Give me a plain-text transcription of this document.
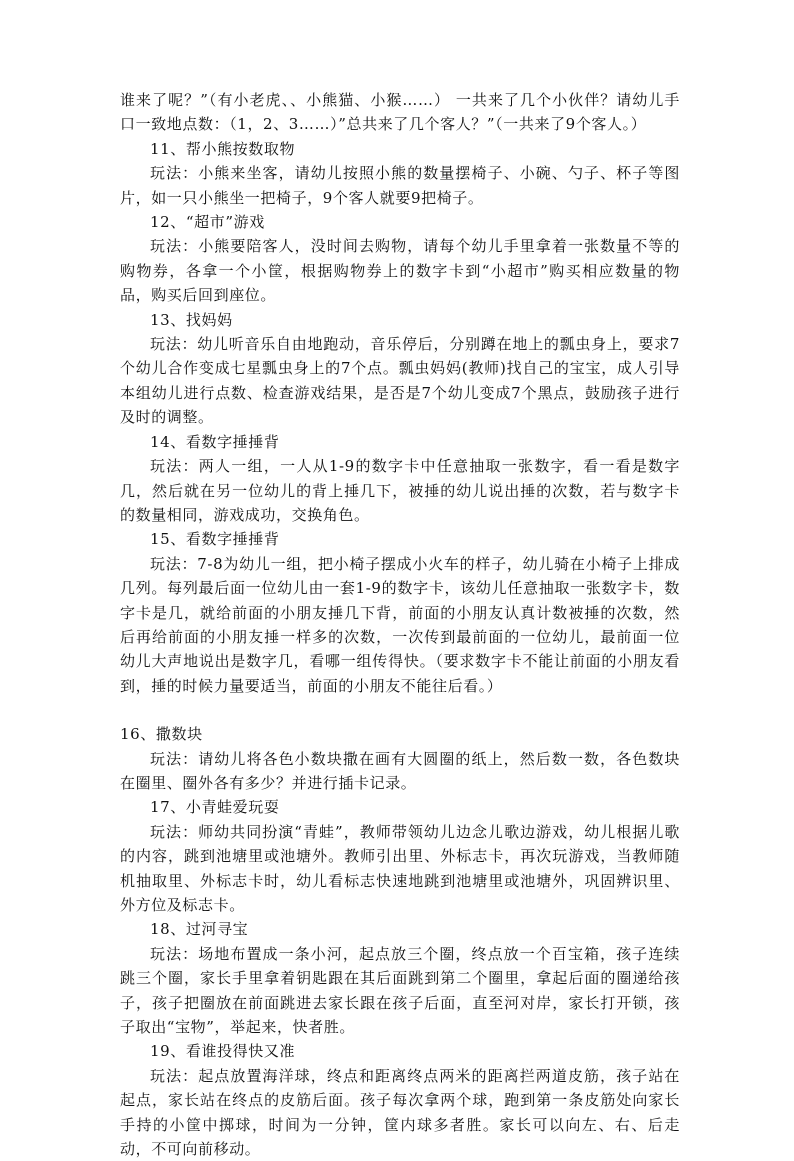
谁来了呢？”（有小老虎、、小熊猫、小猴……） 一共来了几个小伙伴？请幼儿手口一致地点数：（1，2、3……）”总共来了几个客人？”（一共来了9个客人。）

11、帮小熊按数取物

玩法：小熊来坐客，请幼儿按照小熊的数量摆椅子、小碗、勺子、杯子等图片，如一只小熊坐一把椅子，9个客人就要9把椅子。

12、“超市”游戏

玩法：小熊要陪客人，没时间去购物，请每个幼儿手里拿着一张数量不等的购物券，各拿一个小筐，根据购物券上的数字卡到“小超市”购买相应数量的物品，购买后回到座位。

13、找妈妈

玩法：幼儿听音乐自由地跑动，音乐停后，分别蹲在地上的瓢虫身上，要求7个幼儿合作变成七星瓢虫身上的7个点。瓢虫妈妈(教师)找自己的宝宝，成人引导本组幼儿进行点数、检查游戏结果，是否是7个幼儿变成7个黑点，鼓励孩子进行及时的调整。

14、看数字捶捶背

玩法：两人一组，一人从1-9的数字卡中任意抽取一张数字，看一看是数字几，然后就在另一位幼儿的背上捶几下，被捶的幼儿说出捶的次数，若与数字卡的数量相同，游戏成功，交换角色。

15、看数字捶捶背

玩法：7-8为幼儿一组，把小椅子摆成小火车的样子，幼儿骑在小椅子上排成几列。每列最后面一位幼儿由一套1-9的数字卡，该幼儿任意抽取一张数字卡，数字卡是几，就给前面的小朋友捶几下背，前面的小朋友认真计数被捶的次数，然后再给前面的小朋友捶一样多的次数，一次传到最前面的一位幼儿，最前面一位幼儿大声地说出是数字几，看哪一组传得快。（要求数字卡不能让前面的小朋友看到，捶的时候力量要适当，前面的小朋友不能往后看。）

16、撒数块

玩法：请幼儿将各色小数块撒在画有大圆圈的纸上，然后数一数，各色数块在圈里、圈外各有多少？并进行插卡记录。

17、小青蛙爱玩耍

玩法：师幼共同扮演“青蛙”，教师带领幼儿边念儿歌边游戏，幼儿根据儿歌的内容，跳到池塘里或池塘外。教师引出里、外标志卡，再次玩游戏，当教师随机抽取里、外标志卡时，幼儿看标志快速地跳到池塘里或池塘外，巩固辨识里、外方位及标志卡。

18、过河寻宝

玩法：场地布置成一条小河，起点放三个圈，终点放一个百宝箱，孩子连续跳三个圈，家长手里拿着钥匙跟在其后面跳到第二个圈里，拿起后面的圈递给孩子，孩子把圈放在前面跳进去家长跟在孩子后面，直至河对岸，家长打开锁，孩子取出“宝物”，举起来，快者胜。

19、看谁投得快又准

玩法：起点放置海洋球，终点和距离终点两米的距离拦两道皮筋，孩子站在起点，家长站在终点的皮筋后面。孩子每次拿两个球，跑到第一条皮筋处向家长手持的小筐中掷球，时间为一分钟，筐内球多者胜。家长可以向左、右、后走动，不可向前移动。
